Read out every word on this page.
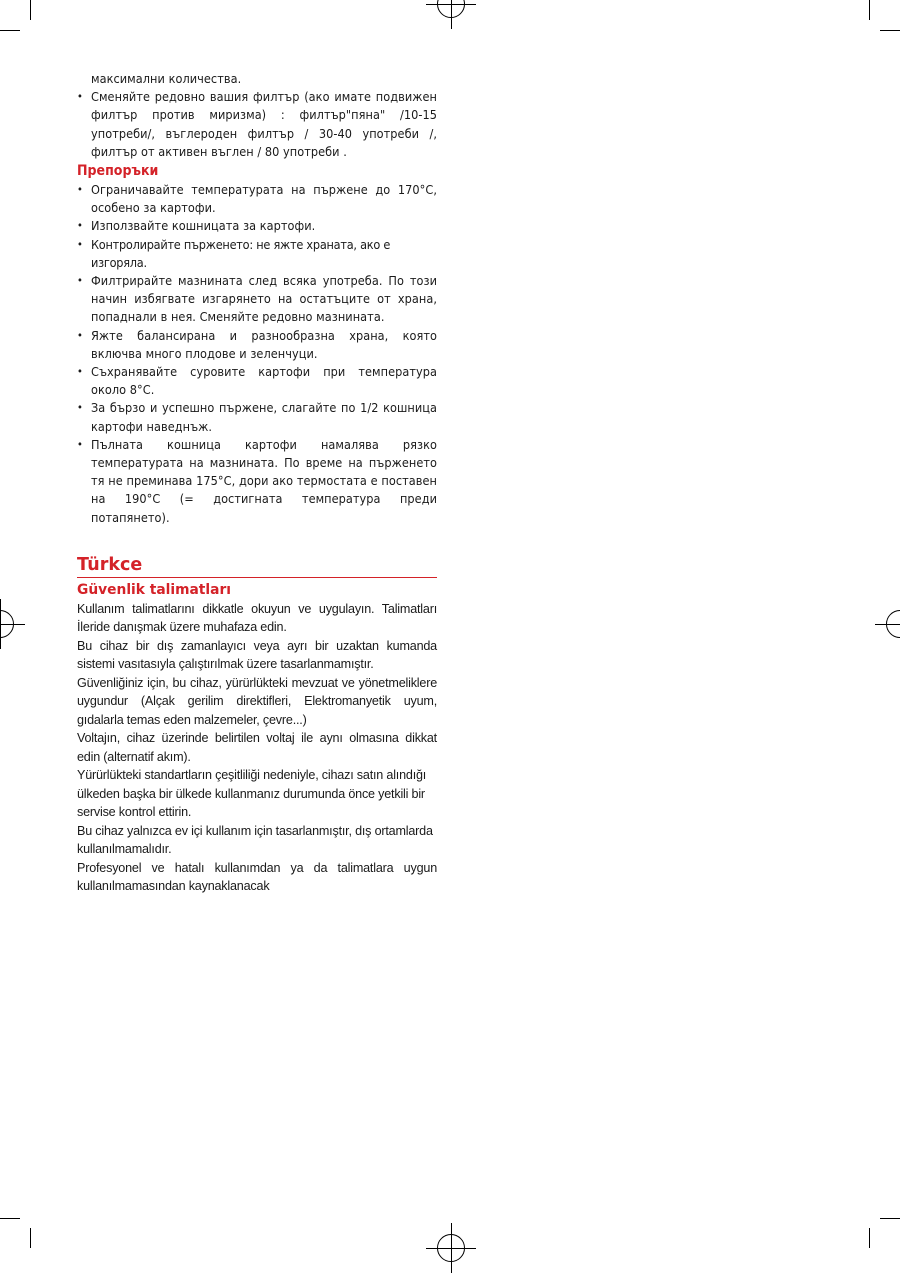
максимални количества.

• Сменяйте редовно вашия филтър (ако имате подвижен филтър против миризма) : филтър"пяна" /10-15 употреби/, въглероден филтър / 30-40 употреби /, филтър от активен въглен / 80 употреби .

Препоръки

• Ограничавайте температурата на пържене до 170°C, особено за картофи.

• Използвайте кошницата за картофи.

• Контролирайте пърженето: не яжте храната, ако е изгоряла.

• Филтрирайте мазнината след всяка употреба. По този начин избягвате изгарянето на остатъците от храна, попаднали в нея. Сменяйте редовно мазнината.

• Яжте балансирана и разнообразна храна, която включва много плодове и зеленчуци.

• Съхранявайте суровите картофи при температура около 8°C.

• За бързо и успешно пържене, слагайте по 1/2 кошница картофи наведнъж.

• Пълната кошница картофи намалява рязко температурата на мазнината. По време на пърженето тя не преминава 175°C, дори ако термостата е поставен на 190°C (= достигната температура преди потапянето).

Türkce
Güvenlik talimatları

Kullanım talimatlarını dikkatle okuyun ve uygulayın. Talimatları İleride danışmak üzere muhafaza edin.

Bu cihaz bir dış zamanlayıcı veya ayrı bir uzaktan kumanda sistemi vasıtasıyla çalıştırılmak üzere tasarlanmamıştır.

Güvenliğiniz için, bu cihaz, yürürlükteki mevzuat ve yönetmeliklere uygundur (Alçak gerilim direktifleri, Elektromanyetik uyum, gıdalarla temas eden malzemeler, çevre...)

Voltajın, cihaz üzerinde belirtilen voltaj ile aynı olmasına dikkat edin (alternatif akım).

Yürürlükteki standartların çeşitliliği nedeniyle, cihazı satın alındığı ülkeden başka bir ülkede kullanmanız durumunda önce yetkili bir servise kontrol ettirin.

Bu cihaz yalnızca ev içi kullanım için tasarlanmıştır, dış ortamlarda kullanılmamalıdır.

Profesyonel ve hatalı kullanımdan ya da talimatlara uygun kullanılmamasından kaynaklanacak
